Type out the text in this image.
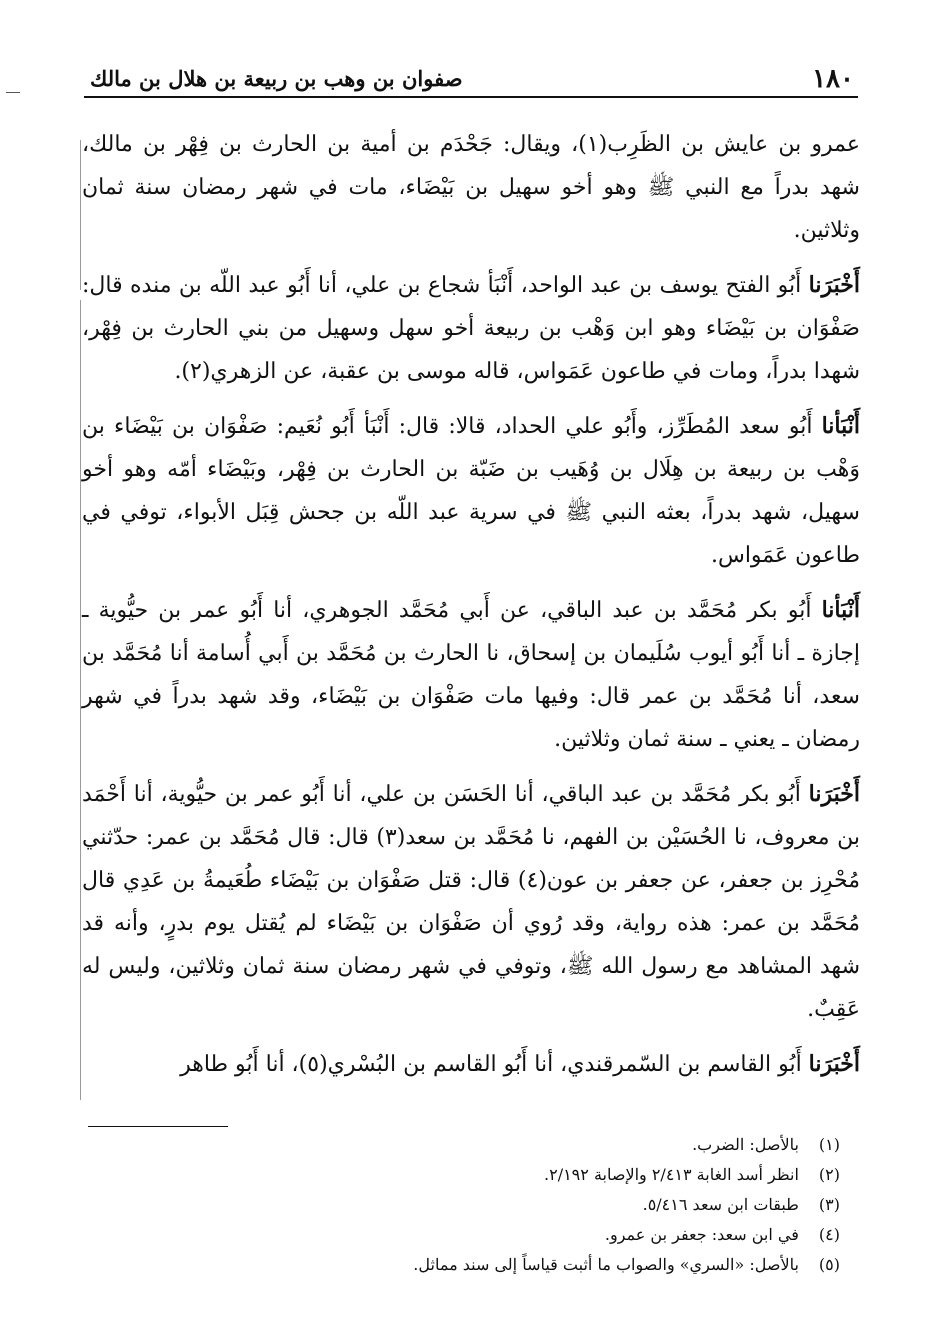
١٨٠
صفوان بن وهب بن ربيعة بن هلال بن مالك

عمرو بن عايش بن الظَرِب(١)، ويقال: جَحْدَم بن أمية بن الحارث بن فِهْر بن مالك، شهد بدراً مع النبي ﷺ وهو أخو سهيل بن بَيْضَاء، مات في شهر رمضان سنة ثمان وثلاثين.

أَخْبَرَنا أَبُو الفتح يوسف بن عبد الواحد، أَنْبَأ شجاع بن علي، أنا أَبُو عبد اللّه بن منده قال: صَفْوَان بن بَيْضَاء وهو ابن وَهْب بن ربيعة أخو سهل وسهيل من بني الحارث بن فِهْر، شهدا بدراً، ومات في طاعون عَمَواس، قاله موسى بن عقبة، عن الزهري(٢).

أَنْبَأنا أَبُو سعد المُطَرِّز، وأَبُو علي الحداد، قالا: قال: أَنْبَأ أَبُو نُعَيم: صَفْوَان بن بَيْضَاء بن وَهْب بن ربيعة بن هِلَال بن وُهَيب بن ضَبّة بن الحارث بن فِهْر، وبَيْضَاء أمّه وهو أخو سهيل، شهد بدراً، بعثه النبي ﷺ في سرية عبد اللّه بن جحش قِبَل الأبواء، توفي في طاعون عَمَواس.

أَنْبَأنا أَبُو بكر مُحَمَّد بن عبد الباقي، عن أَبي مُحَمَّد الجوهري، أنا أَبُو عمر بن حيُّوية ـ إجازة ـ أنا أَبُو أيوب سُلَيمان بن إسحاق، نا الحارث بن مُحَمَّد بن أَبي أُسامة أنا مُحَمَّد بن سعد، أنا مُحَمَّد بن عمر قال: وفيها مات صَفْوَان بن بَيْضَاء، وقد شهد بدراً في شهر رمضان ـ يعني ـ سنة ثمان وثلاثين.

أَخْبَرَنا أَبُو بكر مُحَمَّد بن عبد الباقي، أنا الحَسَن بن علي، أنا أَبُو عمر بن حيُّوية، أنا أَحْمَد بن معروف، نا الحُسَيْن بن الفهم، نا مُحَمَّد بن سعد(٣) قال: قال مُحَمَّد بن عمر: حدّثني مُحْرِز بن جعفر، عن جعفر بن عون(٤) قال: قتل صَفْوَان بن بَيْضَاء طُعَيمةُ بن عَدِي قال مُحَمَّد بن عمر: هذه رواية، وقد رُوي أن صَفْوَان بن بَيْضَاء لم يُقتل يوم بدرٍ، وأنه قد شهد المشاهد مع رسول الله ﷺ، وتوفي في شهر رمضان سنة ثمان وثلاثين، وليس له عَقِبٌ.

أَخْبَرَنا أَبُو القاسم بن السّمرقندي، أنا أَبُو القاسم بن البُسْري(٥)، أنا أَبُو طاهر

(١) بالأصل: الضرب.
(٢) انظر أسد الغابة ٢/٤١٣ والإصابة ٢/١٩٢.
(٣) طبقات ابن سعد ٥/٤١٦.
(٤) في ابن سعد: جعفر بن عمرو.
(٥) بالأصل: «السري» والصواب ما أثبت قياساً إلى سند مماثل.
